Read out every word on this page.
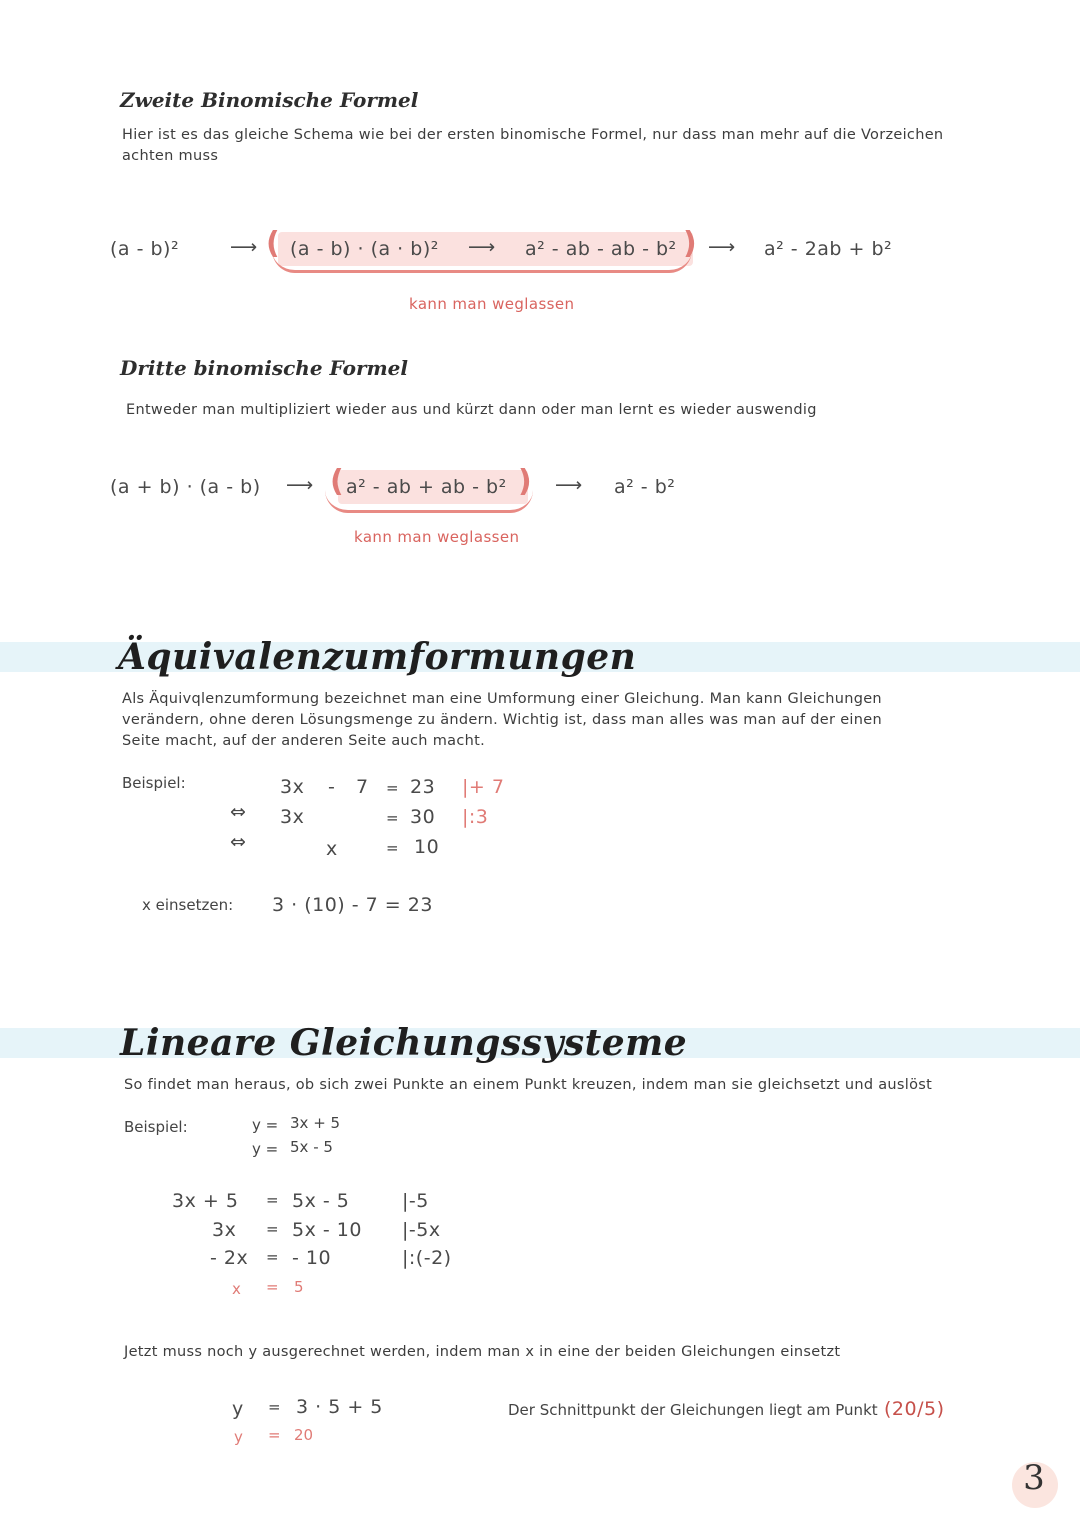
Zweite Binomische Formel
Hier ist es das gleiche Schema wie bei der ersten binomische Formel, nur dass man mehr auf die Vorzeichen achten muss
(a - b)²	⟶ ( (a - b) · (a · b)² ⟶ a² - ab - ab - b² ) ⟶ a² - 2ab + b²
kann man weglassen
Dritte binomische Formel
Entweder man multipliziert wieder aus und kürzt dann oder man lernt es wieder auswendig
(a + b) · (a - b) ⟶ ( a² - ab + ab - b² ) ⟶ a² - b²
kann man weglassen
Äquivalenzumformungen
Als Äquivqlenzumformung bezeichnet man eine Umformung einer Gleichung. Man kann Gleichungen verändern, ohne deren Lösungsmenge zu ändern. Wichtig ist, dass man alles was man auf der einen Seite macht, auf der anderen Seite auch macht.
Beispiel:	3x - 7 = 23 |+ 7
⇔ 3x	= 30 |:3
⇔	x	= 10
x einsetzen: 3 · (10) - 7 = 23
Lineare Gleichungssysteme
So findet man heraus, ob sich zwei Punkte an einem Punkt kreuzen, indem man sie gleichsetzt und auslöst
Beispiel:	y = 3x + 5
y = 5x - 5
3x + 5 = 5x - 5	|-5
3x = 5x - 10 |-5x
- 2x = - 10	|:(-2)
x = 5
Jetzt muss noch y ausgerechnet werden, indem man x in eine der beiden Gleichungen einsetzt
y = 3 · 5 + 5
y = 20
Der Schnittpunkt der Gleichungen liegt am Punkt (20/5)
3
